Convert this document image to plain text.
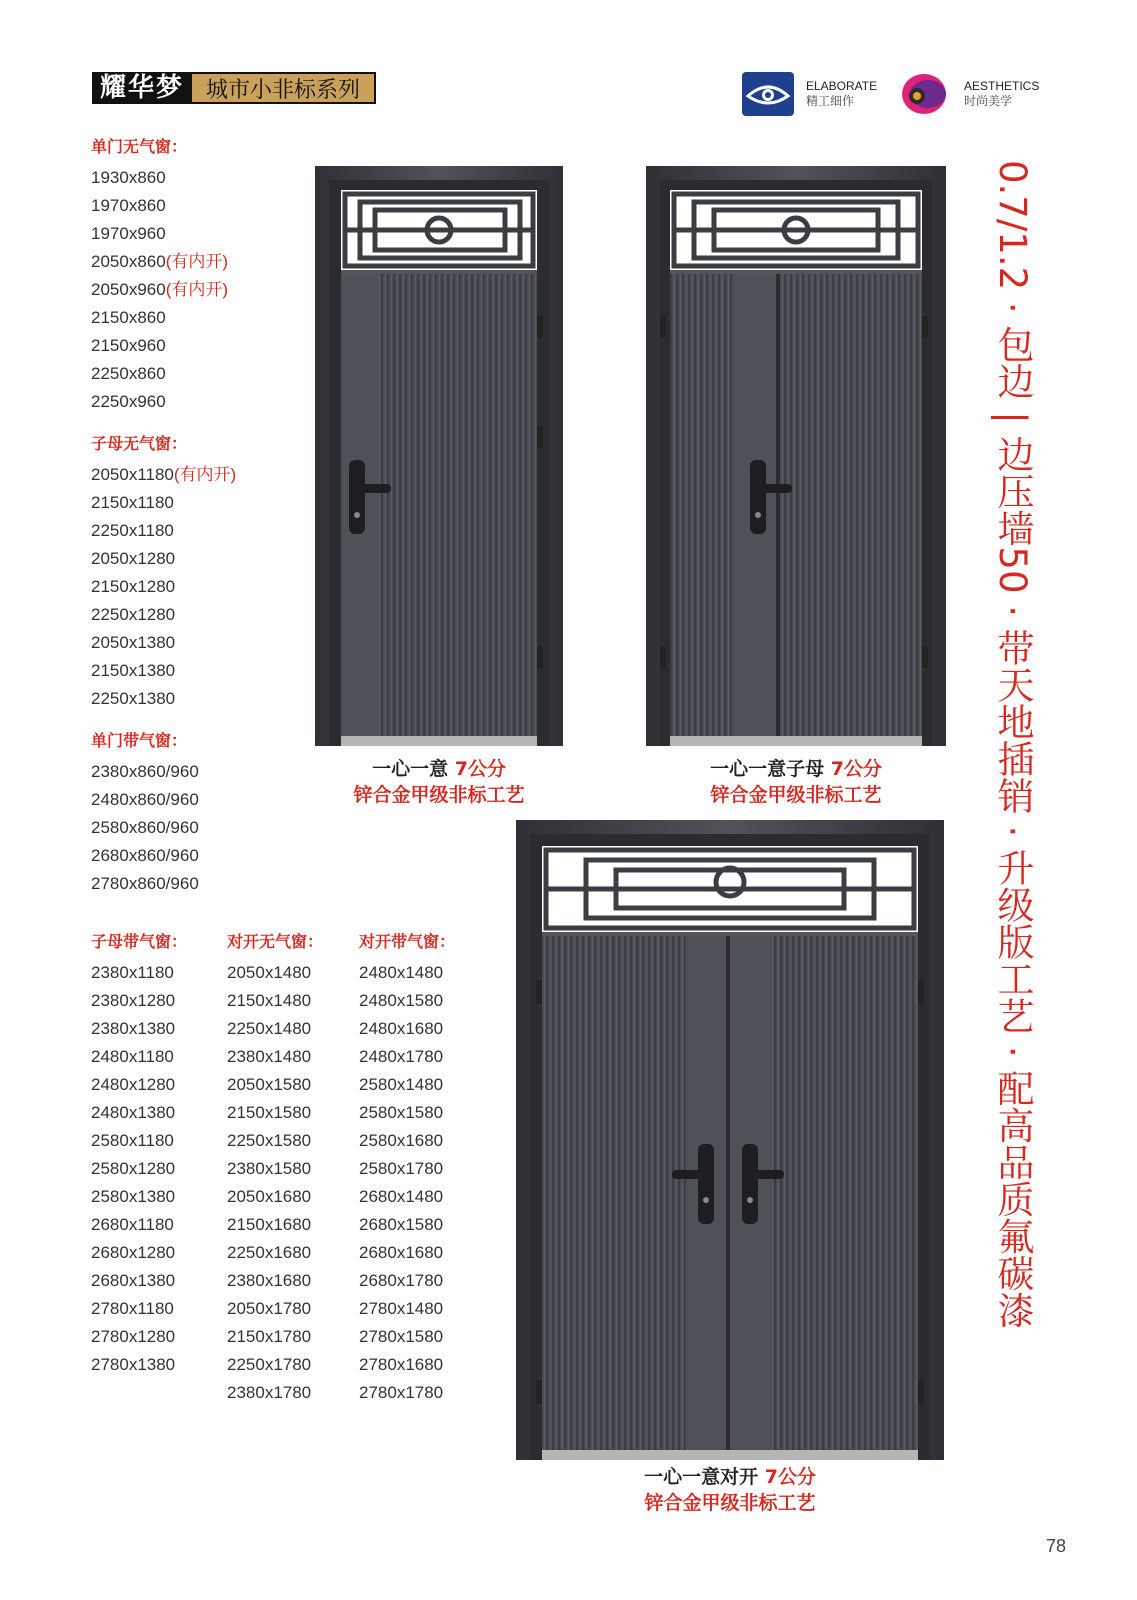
耀华梦	城市小非标系列	ELABORATE
精工细作
AESTHETICS
时尚美学
单门无气窗：
1930x860
1970x860
1970x960
2050x860(有内开)
2050x960(有内开)
2150x860
2150x960
2250x860
2250x960
子母无气窗：
2050x1180(有内开)
2150x1180
2250x1180
2050x1280
2150x1280
2250x1280
2050x1380
2150x1380
2250x1380
单门带气窗：
2380x860/960
2480x860/960
2580x860/960
2680x860/960
2780x860/960
子母带气窗：
2380x1180
2380x1280
2380x1380
2480x1180
2480x1280
2480x1380
2580x1180
2580x1280
2580x1380
2680x1180
2680x1280
2680x1380
2780x1180
2780x1280
2780x1380
对开无气窗：
2050x1480
2150x1480
2250x1480
2380x1480
2050x1580
2150x1580
2250x1580
2380x1580
2050x1680
2150x1680
2250x1680
2380x1680
2050x1780
2150x1780
2250x1780
2380x1780
对开带气窗：
2480x1480
2480x1580
2480x1680
2480x1780
2580x1480
2580x1580
2580x1680
2580x1780
2680x1480
2680x1580
2680x1680
2680x1780
2780x1480
2780x1580
2780x1680
2780x1780
一心一意 7公分
锌合金甲级非标工艺
一心一意子母 7公分
锌合金甲级非标工艺
一心一意对开 7公分
锌合金甲级非标工艺
0.7/1.2 · 包边 | 边压墙50 · 带天地插销 · 升级版工艺 · 配高品质氟碳漆
78
